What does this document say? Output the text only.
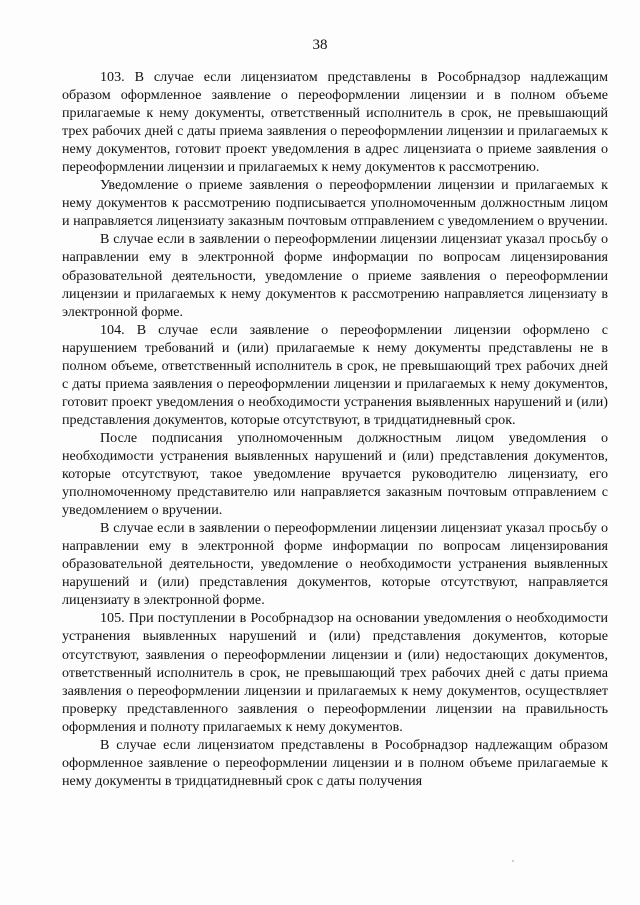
38

103. В случае если лицензиатом представлены в Рособрнадзор надлежащим образом оформленное заявление о переоформлении лицензии и в полном объеме прилагаемые к нему документы, ответственный исполнитель в срок, не превышающий трех рабочих дней с даты приема заявления о переоформлении лицензии и прилагаемых к нему документов, готовит проект уведомления в адрес лицензиата о приеме заявления о переоформлении лицензии и прилагаемых к нему документов к рассмотрению.

Уведомление о приеме заявления о переоформлении лицензии и прилагаемых к нему документов к рассмотрению подписывается уполномоченным должностным лицом и направляется лицензиату заказным почтовым отправлением с уведомлением о вручении.

В случае если в заявлении о переоформлении лицензии лицензиат указал просьбу о направлении ему в электронной форме информации по вопросам лицензирования образовательной деятельности, уведомление о приеме заявления о переоформлении лицензии и прилагаемых к нему документов к рассмотрению направляется лицензиату в электронной форме.

104. В случае если заявление о переоформлении лицензии оформлено с нарушением требований и (или) прилагаемые к нему документы представлены не в полном объеме, ответственный исполнитель в срок, не превышающий трех рабочих дней с даты приема заявления о переоформлении лицензии и прилагаемых к нему документов, готовит проект уведомления о необходимости устранения выявленных нарушений и (или) представления документов, которые отсутствуют, в тридцатидневный срок.

После подписания уполномоченным должностным лицом уведомления о необходимости устранения выявленных нарушений и (или) представления документов, которые отсутствуют, такое уведомление вручается руководителю лицензиату, его уполномоченному представителю или направляется заказным почтовым отправлением с уведомлением о вручении.

В случае если в заявлении о переоформлении лицензии лицензиат указал просьбу о направлении ему в электронной форме информации по вопросам лицензирования образовательной деятельности, уведомление о необходимости устранения выявленных нарушений и (или) представления документов, которые отсутствуют, направляется лицензиату в электронной форме.

105. При поступлении в Рособрнадзор на основании уведомления о необходимости устранения выявленных нарушений и (или) представления документов, которые отсутствуют, заявления о переоформлении лицензии и (или) недостающих документов, ответственный исполнитель в срок, не превышающий трех рабочих дней с даты приема заявления о переоформлении лицензии и прилагаемых к нему документов, осуществляет проверку представленного заявления о переоформлении лицензии на правильность оформления и полноту прилагаемых к нему документов.

В случае если лицензиатом представлены в Рособрнадзор надлежащим образом оформленное заявление о переоформлении лицензии и в полном объеме прилагаемые к нему документы в тридцатидневный срок с даты получения
